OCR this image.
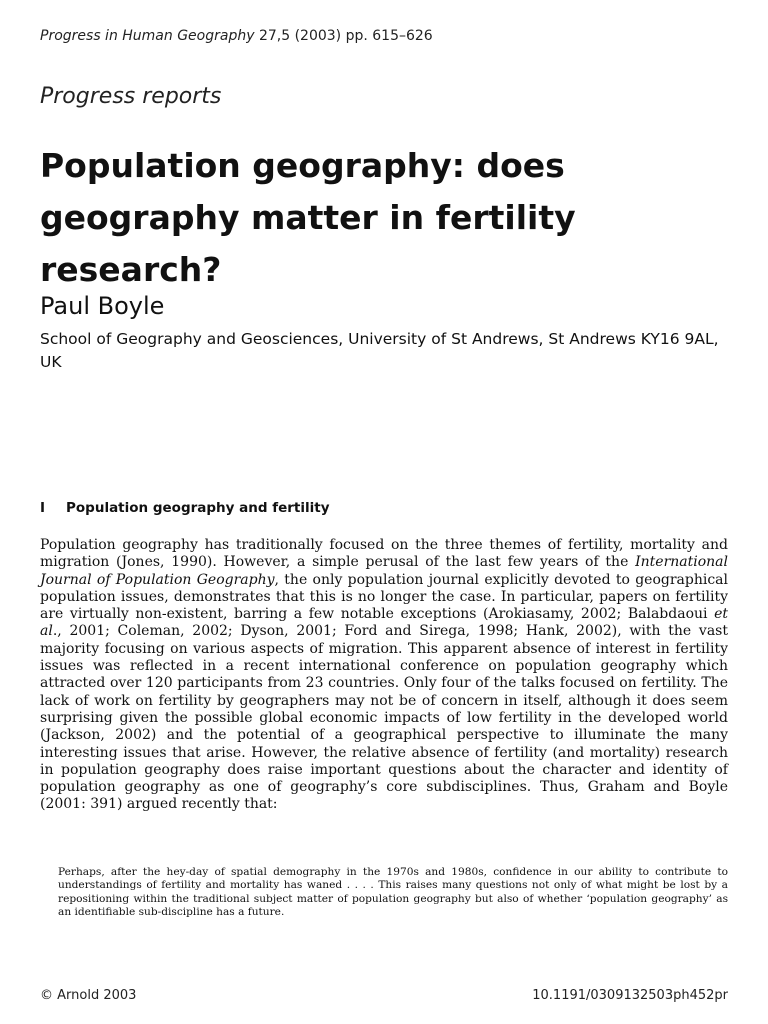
Progress in Human Geography 27,5 (2003) pp. 615–626
Progress reports
Population geography: does geography matter in fertility research?
Paul Boyle
School of Geography and Geosciences, University of St Andrews, St Andrews KY16 9AL, UK
I Population geography and fertility

Population geography has traditionally focused on the three themes of fertility, mortality and migration (Jones, 1990). However, a simple perusal of the last few years of the International Journal of Population Geography, the only population journal explicitly devoted to geographical population issues, demonstrates that this is no longer the case. In particular, papers on fertility are virtually non-existent, barring a few notable exceptions (Arokiasamy, 2002; Balabdaoui et al., 2001; Coleman, 2002; Dyson, 2001; Ford and Sirega, 1998; Hank, 2002), with the vast majority focusing on various aspects of migration. This apparent absence of interest in fertility issues was reflected in a recent international conference on population geography which attracted over 120 participants from 23 countries. Only four of the talks focused on fertility. The lack of work on fertility by geographers may not be of concern in itself, although it does seem surprising given the possible global economic impacts of low fertility in the developed world (Jackson, 2002) and the potential of a geographical perspective to illuminate the many interesting issues that arise. However, the relative absence of fertility (and mortality) research in population geography does raise important questions about the character and identity of population geography as one of geography’s core subdisciplines. Thus, Graham and Boyle (2001: 391) argued recently that:

Perhaps, after the hey-day of spatial demography in the 1970s and 1980s, confidence in our ability to contribute to understandings of fertility and mortality has waned . . . . This raises many questions not only of what might be lost by a repositioning within the traditional subject matter of population geography but also of whether ‘population geography’ as an identifiable sub-discipline has a future.

© Arnold 2003	10.1191/0309132503ph452pr
